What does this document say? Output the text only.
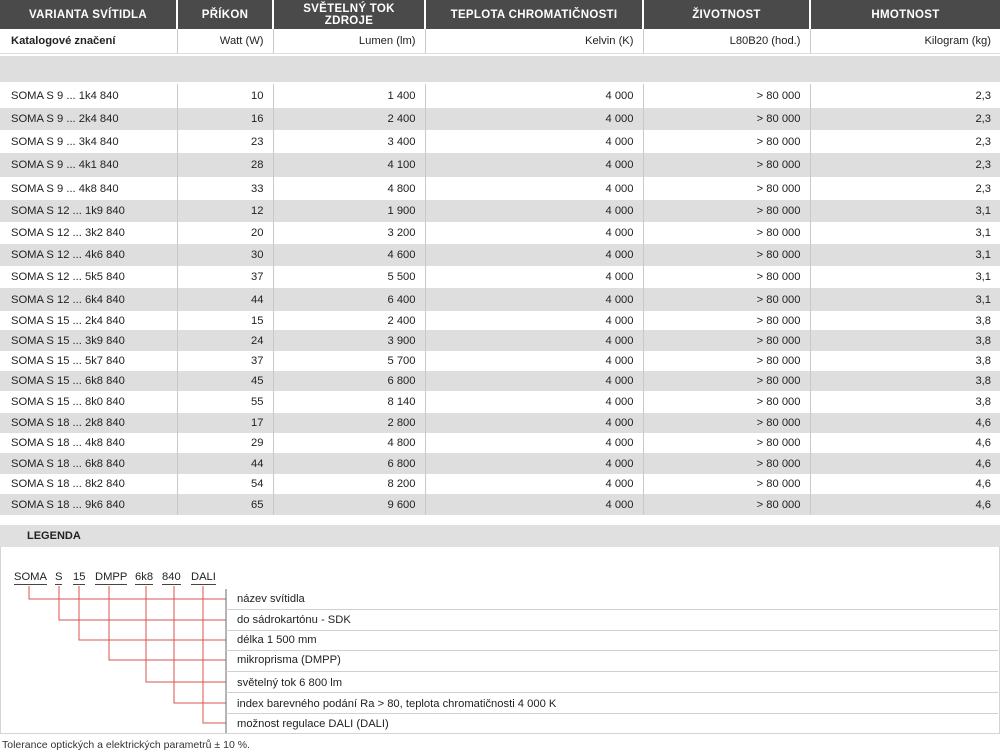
VARIANTA SVÍTIDLA	PŘÍKON	SVĚTELNÝ TOK ZDROJE	TEPLOTA CHROMATIČNOSTI	ŽIVOTNOST	HMOTNOST
Katalogové značení	Watt (W)	Lumen (lm)	Kelvin (K)	L80B20 (hod.)	Kilogram (kg)

SOMA S 9 ... 1k4 840	10	1 400	4 000	> 80 000	2,3
SOMA S 9 ... 2k4 840	16	2 400	4 000	> 80 000	2,3
SOMA S 9 ... 3k4 840	23	3 400	4 000	> 80 000	2,3
SOMA S 9 ... 4k1 840	28	4 100	4 000	> 80 000	2,3
SOMA S 9 ... 4k8 840	33	4 800	4 000	> 80 000	2,3
SOMA S 12 ... 1k9 840	12	1 900	4 000	> 80 000	3,1
SOMA S 12 ... 3k2 840	20	3 200	4 000	> 80 000	3,1
SOMA S 12 ... 4k6 840	30	4 600	4 000	> 80 000	3,1
SOMA S 12 ... 5k5 840	37	5 500	4 000	> 80 000	3,1
SOMA S 12 ... 6k4 840	44	6 400	4 000	> 80 000	3,1
SOMA S 15 ... 2k4 840	15	2 400	4 000	> 80 000	3,8
SOMA S 15 ... 3k9 840	24	3 900	4 000	> 80 000	3,8
SOMA S 15 ... 5k7 840	37	5 700	4 000	> 80 000	3,8
SOMA S 15 ... 6k8 840	45	6 800	4 000	> 80 000	3,8
SOMA S 15 ... 8k0 840	55	8 140	4 000	> 80 000	3,8
SOMA S 18 ... 2k8 840	17	2 800	4 000	> 80 000	4,6
SOMA S 18 ... 4k8 840	29	4 800	4 000	> 80 000	4,6
SOMA S 18 ... 6k8 840	44	6 800	4 000	> 80 000	4,6
SOMA S 18 ... 8k2 840	54	8 200	4 000	> 80 000	4,6
SOMA S 18 ... 9k6 840	65	9 600	4 000	> 80 000	4,6
LEGENDA
SOMA S 15 DMPP 6k8 840 DALI
název svítidla
do sádrokartónu - SDK
délka 1 500 mm
mikroprisma (DMPP)
světelný tok 6 800 lm
index barevného podání Ra > 80, teplota chromatičnosti 4 000 K
možnost regulace DALI (DALI)
Tolerance optických a elektrických parametrů ± 10 %.
